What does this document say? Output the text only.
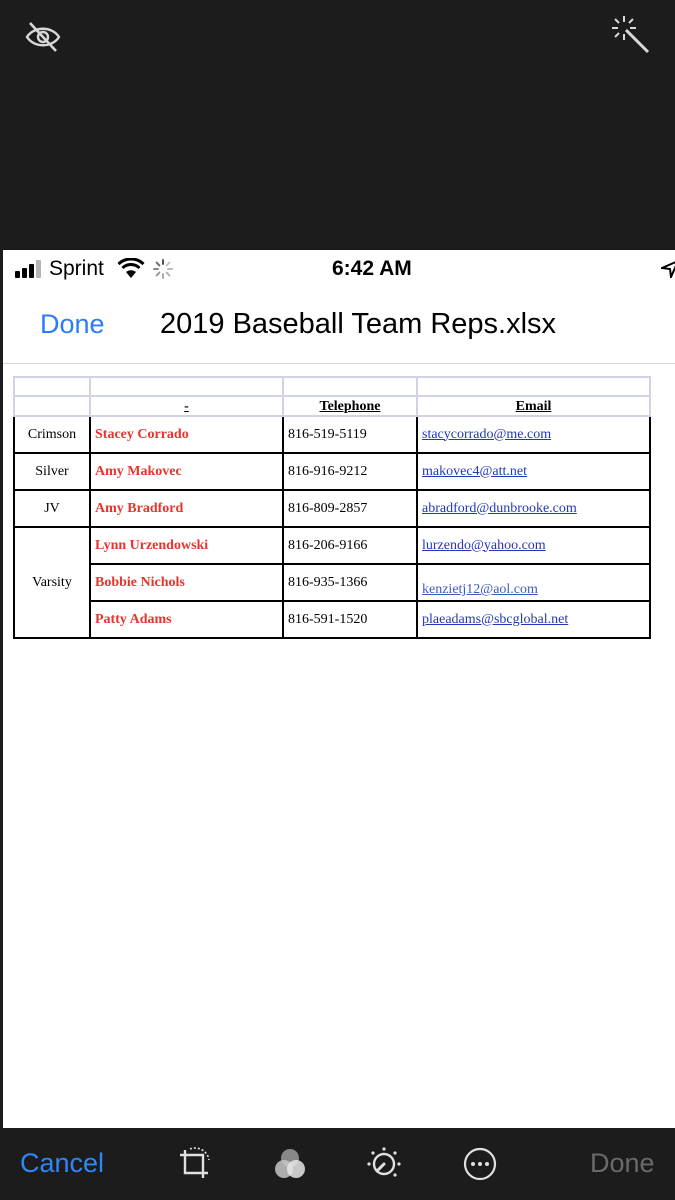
Sprint	6:42 AM
Done 2019 Baseball Team Reps.xlsx

	-	Telephone	Email
Crimson	Stacey Corrado	816-519-5119	stacycorrado@me.com
Silver	Amy Makovec	816-916-9212	makovec4@att.net
JV	Amy Bradford	816-809-2857	abradford@dunbrooke.com
Varsity	Lynn Urzendowski	816-206-9166	lurzendo@yahoo.com
	Bobbie Nichols	816-935-1366	kenzietj12@aol.com
	Patty Adams	816-591-1520	plaeadams@sbcglobal.net
Cancel	Done
